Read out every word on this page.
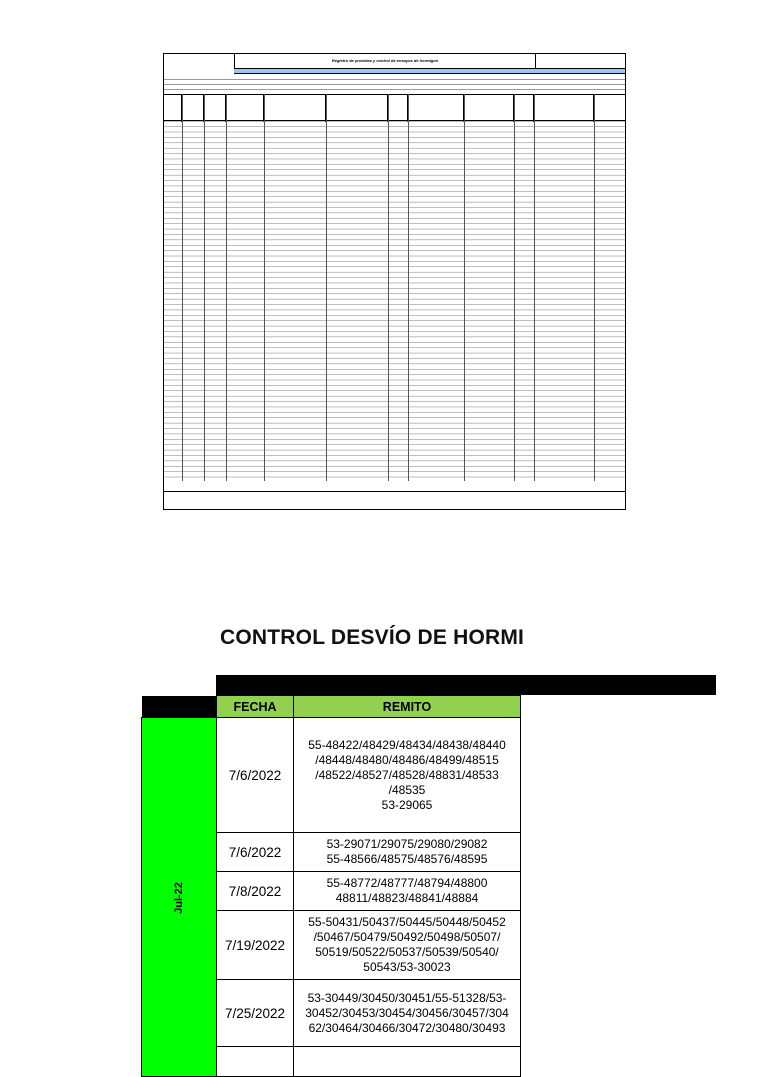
Registro de probetas y control de ensayos de hormigón
CONTROL DESVÍO DE HORMI
	FECHA	REMITO
Jul-22	7/6/2022	55-48422/48429/48434/48438/48440
/48448/48480/48486/48499/48515
/48522/48527/48528/48831/48533
/48535
53-29065
	7/6/2022	53-29071/29075/29080/29082
55-48566/48575/48576/48595
	7/8/2022	55-48772/48777/48794/48800
48811/48823/48841/48884
	7/19/2022	55-50431/50437/50445/50448/50452
/50467/50479/50492/50498/50507/
50519/50522/50537/50539/50540/
50543/53-30023
	7/25/2022	53-30449/30450/30451/55-51328/53-
30452/30453/30454/30456/30457/304
62/30464/30466/30472/30480/30493
